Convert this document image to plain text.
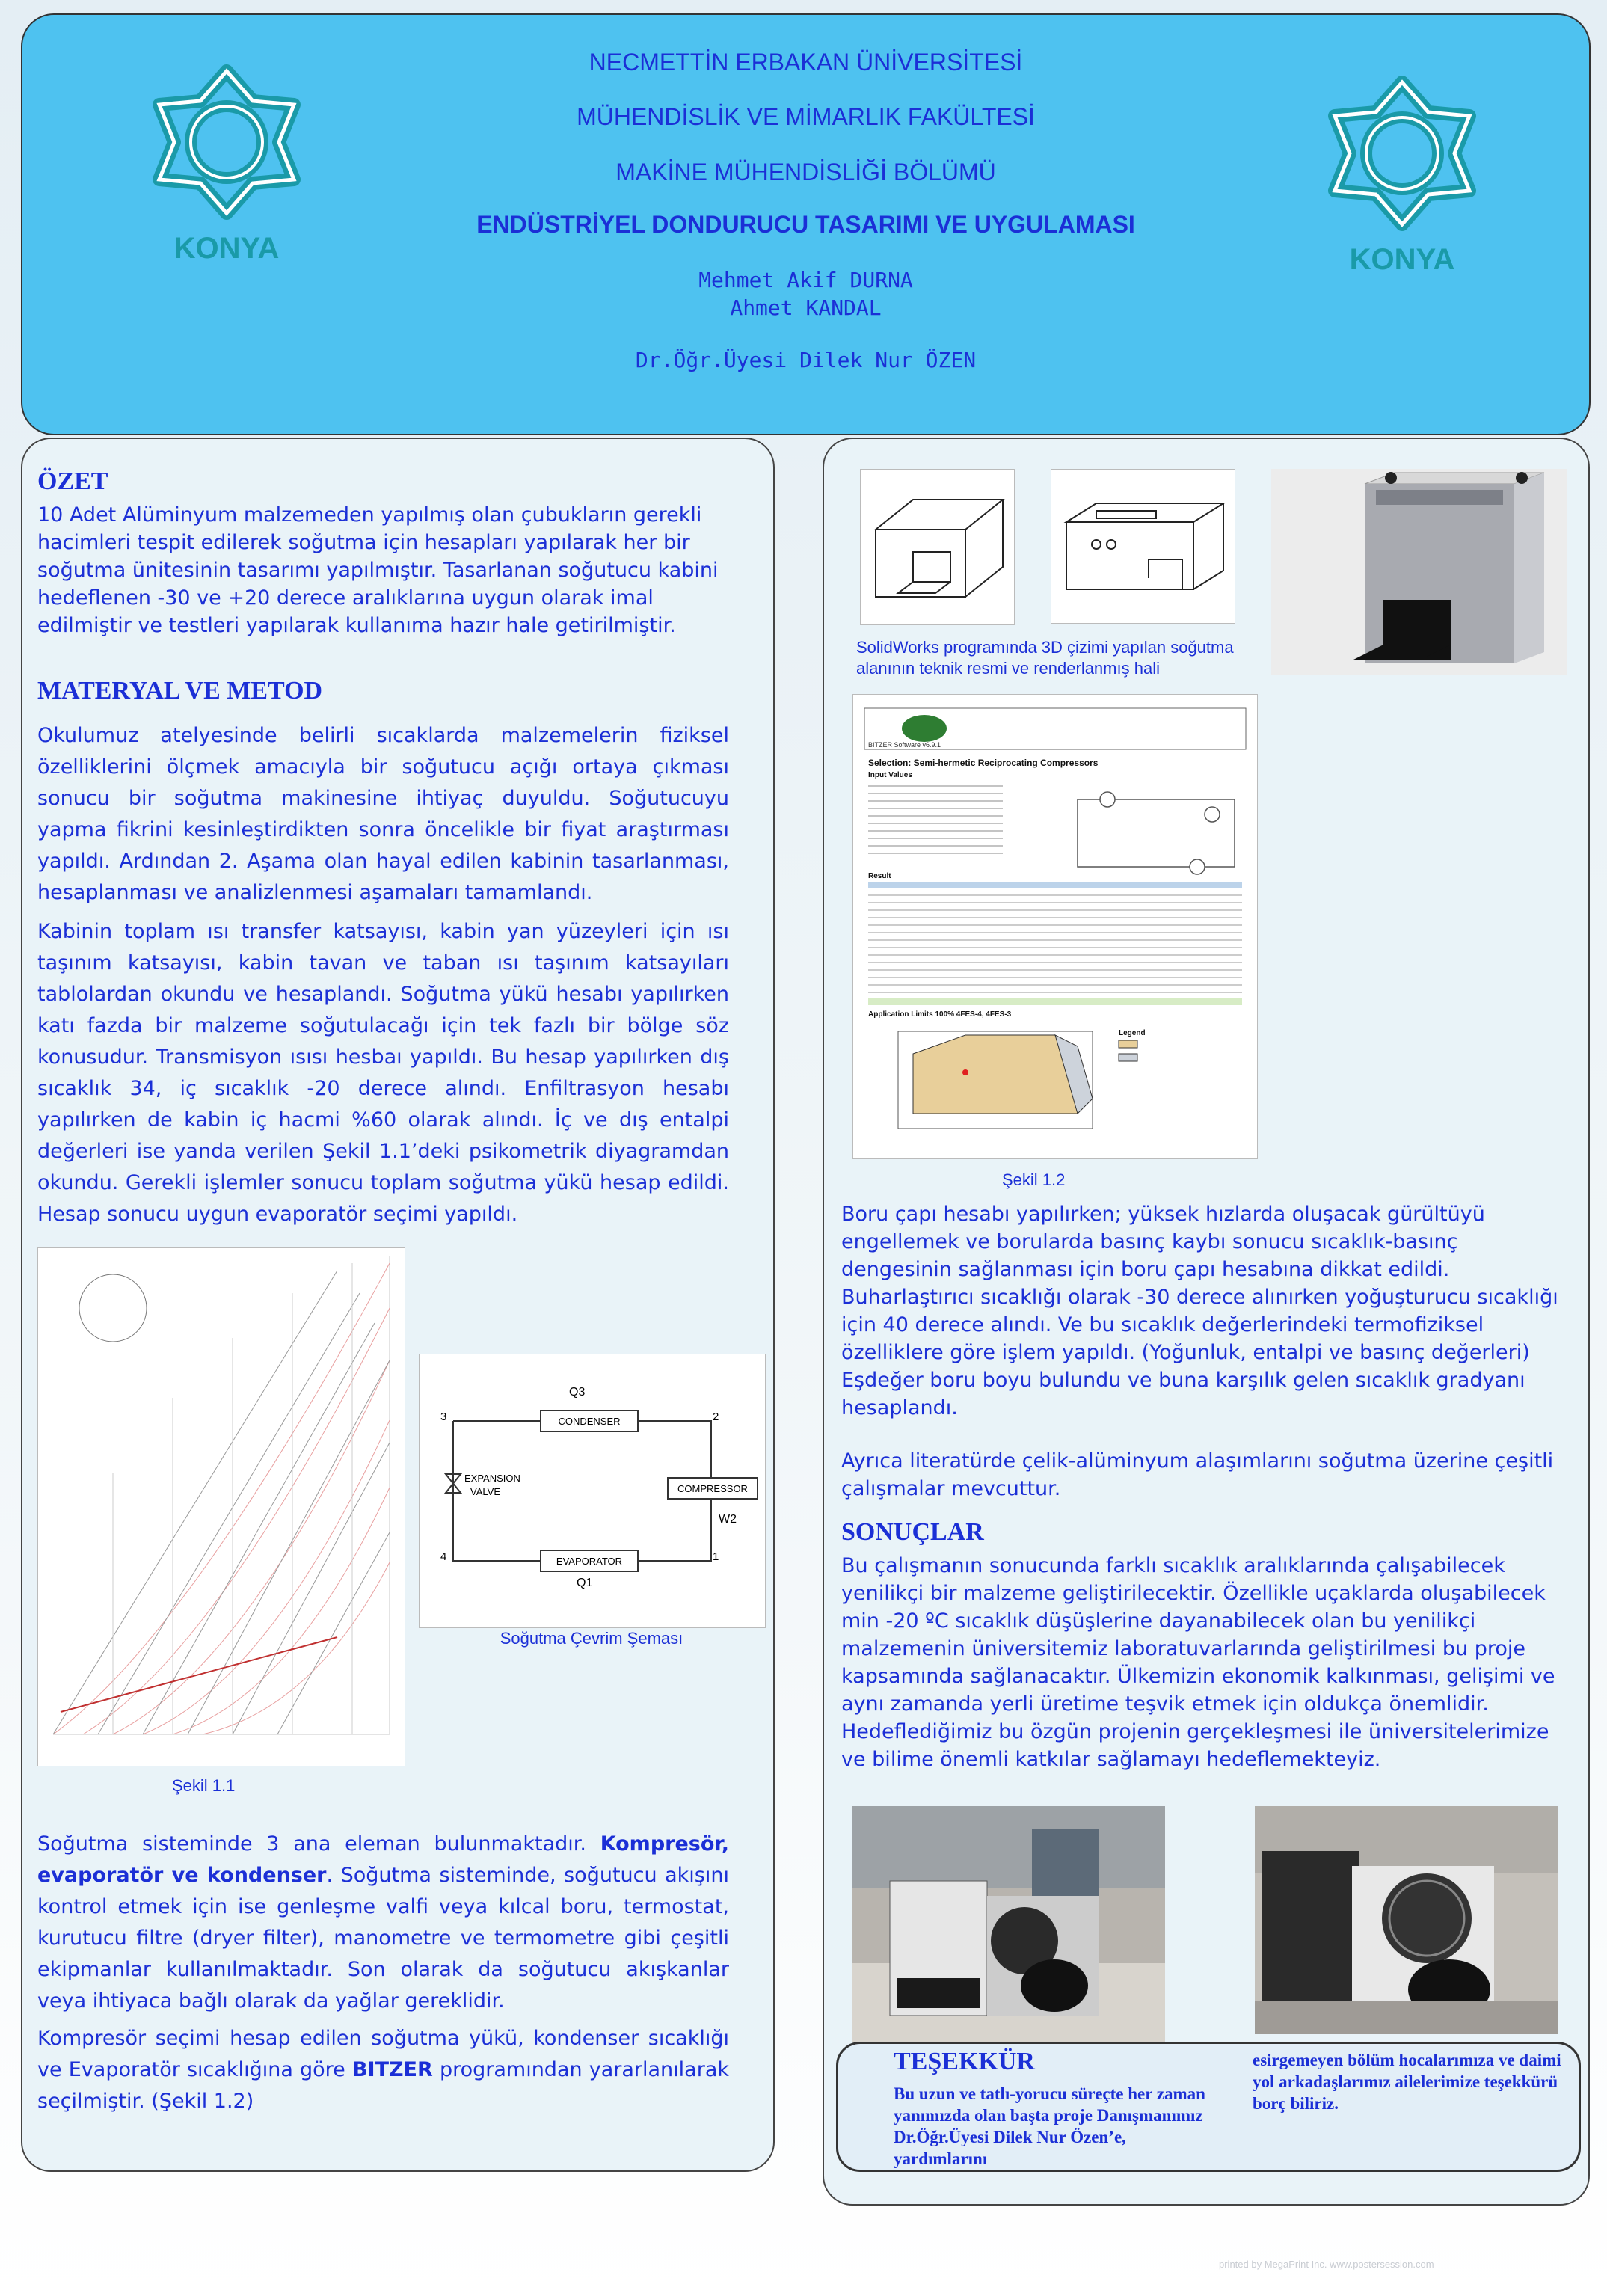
KONYA	KONYA
NECMETTİN ERBAKAN ÜNİVERSİTESİ
MÜHENDİSLİK VE MİMARLIK FAKÜLTESİ
MAKİNE MÜHENDİSLİĞİ BÖLÜMÜ
ENDÜSTRİYEL DONDURUCU TASARIMI VE UYGULAMASI
Mehmet Akif DURNA
Ahmet KANDAL
Dr.Öğr.Üyesi Dilek Nur ÖZEN
ÖZET
10 Adet Alüminyum malzemeden yapılmış olan çubukların gerekli hacimleri tespit edilerek soğutma için hesapları yapılarak her bir soğutma ünitesinin tasarımı yapılmıştır. Tasarlanan soğutucu kabini hedeflenen -30 ve +20 derece aralıklarına uygun olarak imal edilmiştir ve testleri yapılarak kullanıma hazır hale getirilmiştir.
MATERYAL VE METOD
Okulumuz atelyesinde belirli sıcaklarda malzemelerin fiziksel özelliklerini ölçmek amacıyla bir soğutucu açığı ortaya çıkması sonucu bir soğutma makinesine ihtiyaç duyuldu. Soğutucuyu yapma fikrini kesinleştirdikten sonra öncelikle bir fiyat araştırması yapıldı. Ardından 2. Aşama olan hayal edilen kabinin tasarlanması, hesaplanması ve analizlenmesi aşamaları tamamlandı.
Kabinin toplam ısı transfer katsayısı, kabin yan yüzeyleri için ısı taşınım katsayısı, kabin tavan ve taban ısı taşınım katsayıları tablolardan okundu ve hesaplandı. Soğutma yükü hesabı yapılırken katı fazda bir malzeme soğutulacağı için tek fazlı bir bölge söz konusudur. Transmisyon ısısı hesbaı yapıldı. Bu hesap yapılırken dış sıcaklık 34, iç sıcaklık -20 derece alındı. Enfiltrasyon hesabı yapılırken de kabin iç hacmi %60 olarak alındı. İç ve dış entalpi değerleri ise yanda verilen Şekil 1.1’deki psikometrik diyagramdan okundu. Gerekli işlemler sonucu toplam soğutma yükü hesap edildi. Hesap sonucu uygun evaporatör seçimi yapıldı.
Şekil 1.1
CONDENSER
COMPRESSOR
EVAPORATOR
EXPANSION
VALVE
Q3
Q1
W2
1
2
3
4
Soğutma Çevrim Şeması
Soğutma sisteminde 3 ana eleman bulunmaktadır. Kompresör, evaporatör ve kondenser. Soğutma sisteminde, soğutucu akışını kontrol etmek için ise genleşme valfi veya kılcal boru, termostat, kurutucu filtre (dryer filter), manometre ve termometre gibi çeşitli ekipmanlar kullanılmaktadır. Son olarak da soğutucu akışkanlar veya ihtiyaca bağlı olarak da yağlar gereklidir.
Kompresör seçimi hesap edilen soğutma yükü, kondenser sıcaklığı ve Evaporatör sıcaklığına göre BITZER programından yararlanılarak seçilmiştir. (Şekil 1.2)
SolidWorks programında 3D çizimi yapılan soğutma alanının teknik resmi ve renderlanmış hali
BITZER Software v6.9.1
Selection: Semi-hermetic Reciprocating Compressors
Input Values
Result
Application Limits 100% 4FES-4, 4FES-3
Legend
Şekil 1.2
Boru çapı hesabı yapılırken; yüksek hızlarda oluşacak gürültüyü engellemek ve borularda basınç kaybı sonucu sıcaklık-basınç dengesinin sağlanması için boru çapı hesabına dikkat edildi. Buharlaştırıcı sıcaklığı olarak -30 derece alınırken yoğuşturucu sıcaklığı için 40 derece alındı. Ve bu sıcaklık değerlerindeki termofiziksel özelliklere göre işlem yapıldı. (Yoğunluk, entalpi ve basınç değerleri) Eşdeğer boru boyu bulundu ve buna karşılık gelen sıcaklık gradyanı hesaplandı.
Ayrıca literatürde çelik-alüminyum alaşımlarını soğutma üzerine çeşitli çalışmalar mevcuttur.
SONUÇLAR
Bu çalışmanın sonucunda farklı sıcaklık aralıklarında çalışabilecek yenilikçi bir malzeme geliştirilecektir. Özellikle uçaklarda oluşabilecek min -20 ºC sıcaklık düşüşlerine dayanabilecek olan bu yenilikçi malzemenin üniversitemiz laboratuvarlarında geliştirilmesi bu proje kapsamında sağlanacaktır. Ülkemizin ekonomik kalkınması, gelişimi ve aynı zamanda yerli üretime teşvik etmek için oldukça önemlidir. Hedeflediğimiz bu özgün projenin gerçekleşmesi ile üniversitelerimize ve bilime önemli katkılar sağlamayı hedeflemekteyiz.
TEŞEKKÜR
Bu uzun ve tatlı-yorucu süreçte her zaman yanımızda olan başta proje Danışmanımız Dr.Öğr.Üyesi Dilek Nur Özen’e, yardımlarını
esirgemeyen bölüm hocalarımıza ve daimi yol arkadaşlarımız ailelerimize teşekkürü borç biliriz.
printed by MegaPrint Inc. www.postersession.com
